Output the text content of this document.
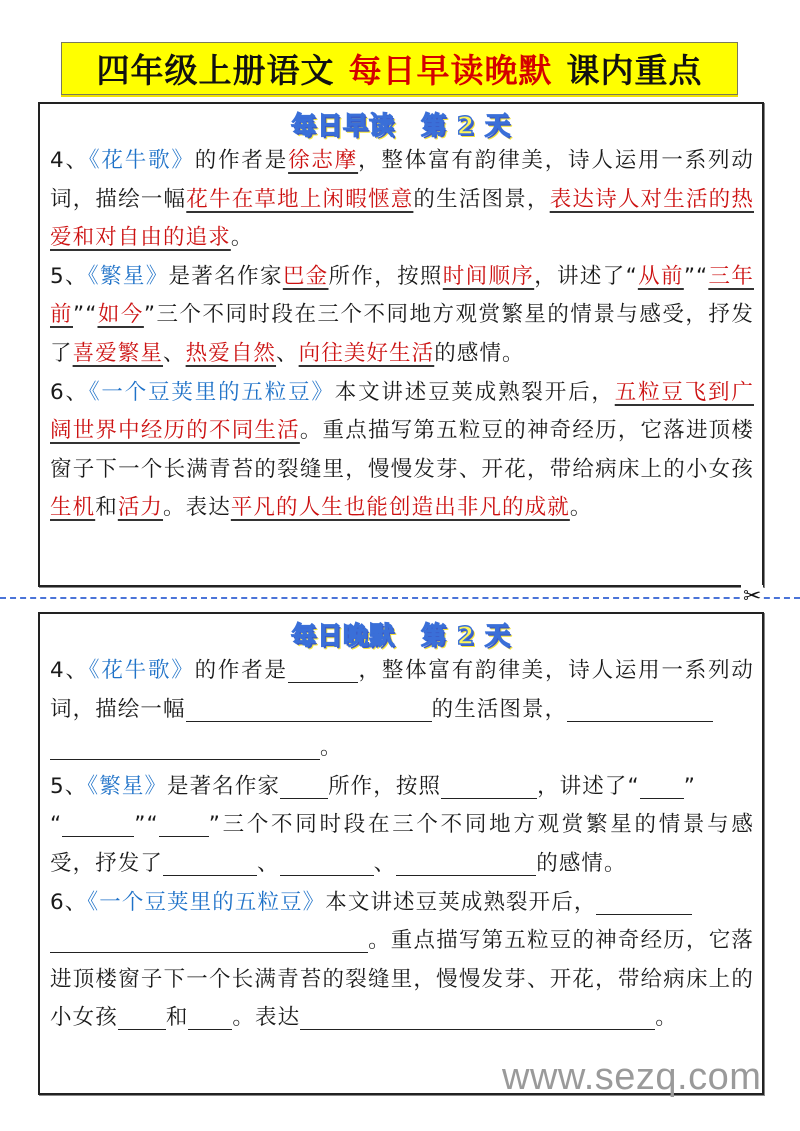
四年级上册语文 每日早读晚默 课内重点
每日早读 第 2 天

4、《花牛歌》的作者是徐志摩，整体富有韵律美，诗人运用一系列动词，描绘一幅花牛在草地上闲暇惬意的生活图景，表达诗人对生活的热爱和对自由的追求。

5、《繁星》是著名作家巴金所作，按照时间顺序，讲述了“从前”“三年前”“如今”三个不同时段在三个不同地方观赏繁星的情景与感受，抒发了喜爱繁星、热爱自然、向往美好生活的感情。

6、《一个豆荚里的五粒豆》本文讲述豆荚成熟裂开后，五粒豆飞到广阔世界中经历的不同生活。重点描写第五粒豆的神奇经历，它落进顶楼窗子下一个长满青苔的裂缝里，慢慢发芽、开花，带给病床上的小女孩生机和活力。表达平凡的人生也能创造出非凡的成就。

✂
每日晚默 第 2 天

4、《花牛歌》的作者是	，整体富有韵律美，诗人运用一系列动词，描绘一幅	的生活图景，
。

5、《繁星》是著名作家 所作，按照	，讲述了“ ”
“	”“ ”三个不同时段在三个不同地方观赏繁星的情景与感受，抒发了	、	、	的感情。

6、《一个豆荚里的五粒豆》本文讲述豆荚成熟裂开后，
。重点描写第五粒豆的神奇经历，它落进顶楼窗子下一个长满青苔的裂缝里，慢慢发芽、开花，带给病床上的小女孩 和 。表达	。

www.sezq.com
